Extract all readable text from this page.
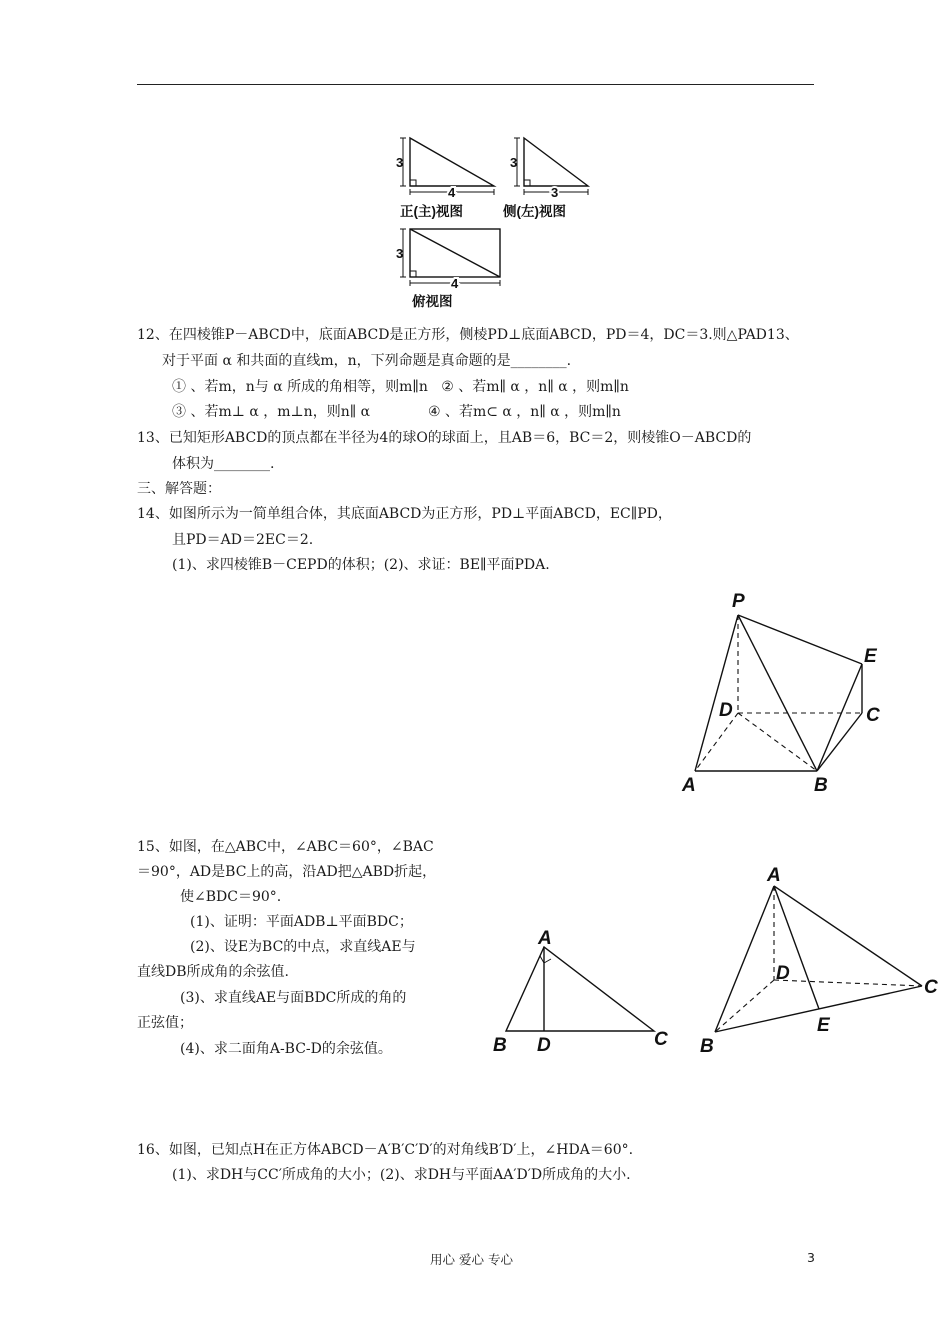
3
4
正(主)视图
3
3
侧(左)视图
3
4
俯视图
12、在四棱锥P－ABCD中，底面ABCD是正方形，侧棱PD⊥底面ABCD，PD＝4，DC＝3.则△PAD13、
对于平面 α 和共面的直线m，n，下列命题是真命题的是________.
① 、若m，n与 α 所成的角相等，则m∥n   ② 、若m∥ α ，n∥ α ，则m∥n
③ 、若m⊥ α ，m⊥n，则n∥ α             ④ 、若m⊂ α ，n∥ α ，则m∥n
13、已知矩形ABCD的顶点都在半径为4的球O的球面上，且AB＝6，BC＝2，则棱锥O－ABCD的
体积为________.
三、解答题：
14、如图所示为一简单组合体，其底面ABCD为正方形，PD⊥平面ABCD，EC∥PD，
且PD＝AD＝2EC＝2.
(1)、求四棱锥B－CEPD的体积；(2)、求证：BE∥平面PDA.
P
E
D	C
A	B
15、如图，在△ABC中，∠ABC＝60°，∠BAC
＝90°，AD是BC上的高，沿AD把△ABD折起，
使∠BDC＝90°.
(1)、证明：平面ADB⊥平面BDC；
(2)、设E为BC的中点，求直线AE与
直线DB所成角的余弦值.
(3)、求直线AE与面BDC所成的角的
正弦值；
(4)、求二面角A-BC-D的余弦值。
A
B D	C
A
D
C
E
B
16、如图，已知点H在正方体ABCD－A′B′C′D′的对角线B′D′上，∠HDA＝60°.
(1)、求DH与CC′所成角的大小；(2)、求DH与平面AA′D′D所成角的大小.
用心 爱心 专心	3
